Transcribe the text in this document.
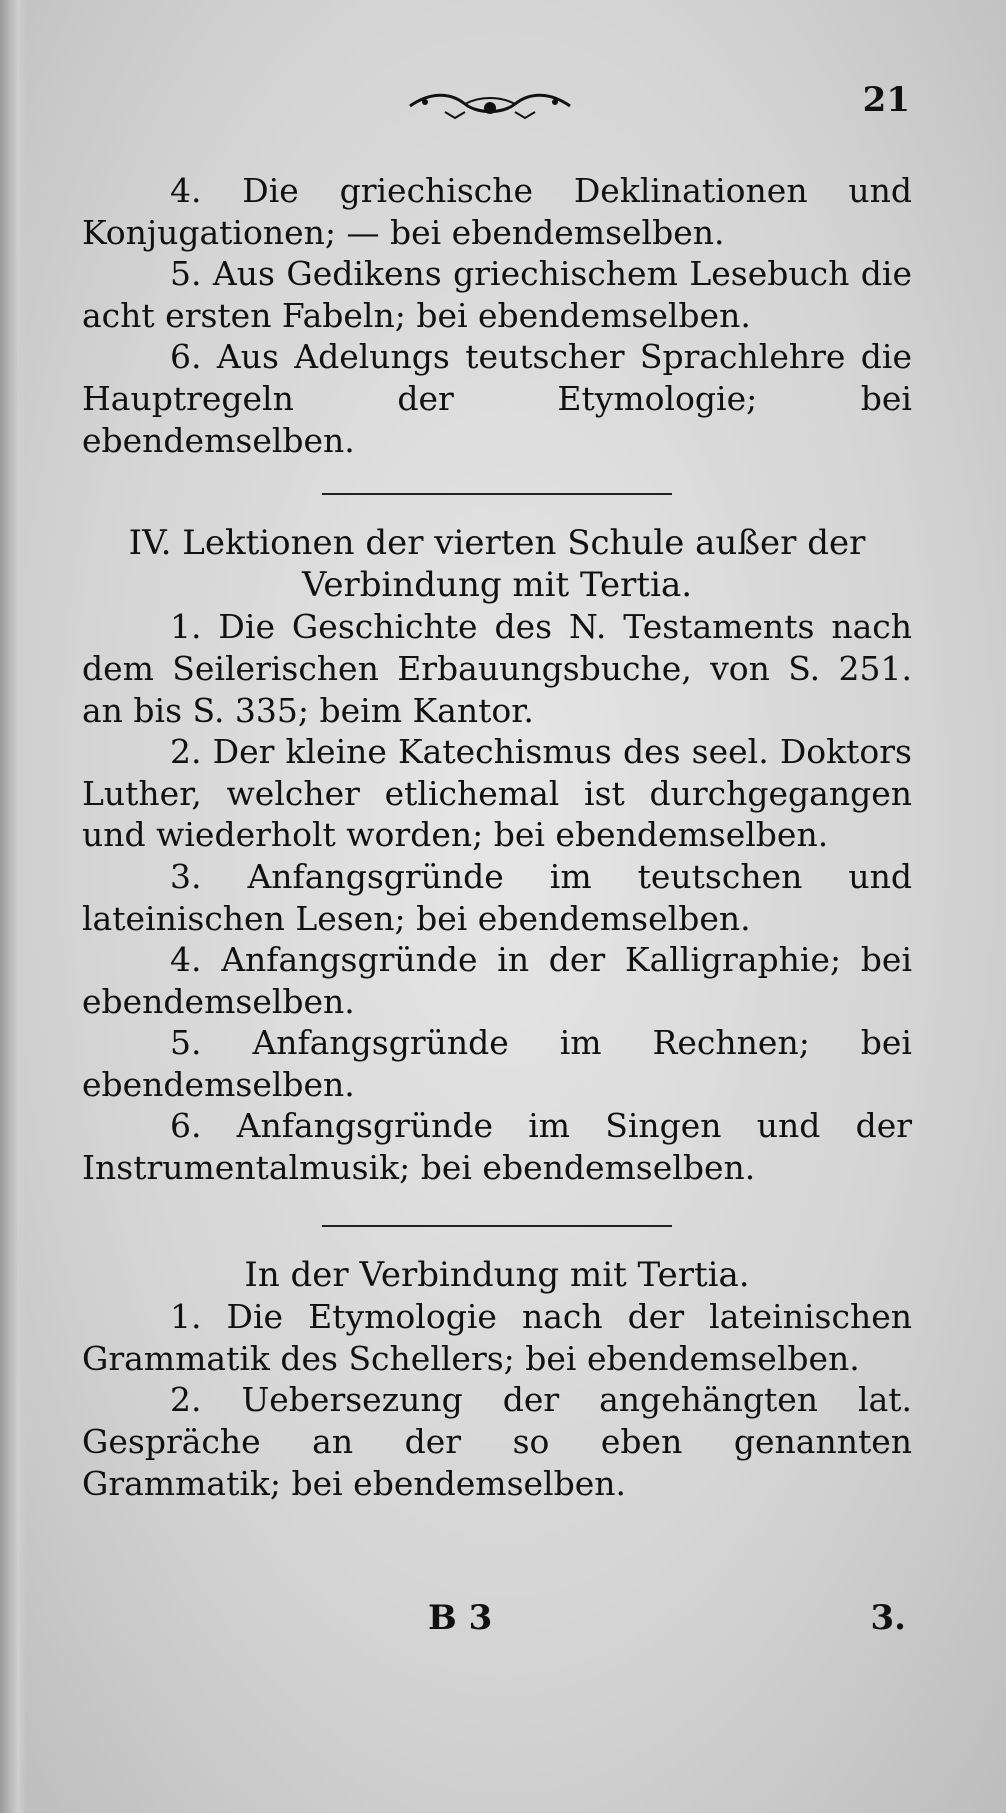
21

4. Die griechische Deklinationen und Konjugationen; — bei ebendemselben.

5. Aus Gedikens griechischem Lesebuch die acht ersten Fabeln; bei ebendemselben.

6. Aus Adelungs teutscher Sprachlehre die Hauptregeln der Etymologie; bei ebendemselben.

IV. Lektionen der vierten Schule außer der

Verbindung mit Tertia.

1. Die Geschichte des N. Testaments nach dem Seilerischen Erbauungsbuche, von S. 251. an bis S. 335; beim Kantor.

2. Der kleine Katechismus des seel. Doktors Luther, welcher etlichemal ist durchgegangen und wiederholt worden; bei ebendemselben.

3. Anfangsgründe im teutschen und lateinischen Lesen; bei ebendemselben.

4. Anfangsgründe in der Kalligraphie; bei ebendemselben.

5. Anfangsgründe im Rechnen; bei ebendemselben.

6. Anfangsgründe im Singen und der Instrumentalmusik; bei ebendemselben.

In der Verbindung mit Tertia.

1. Die Etymologie nach der lateinischen Grammatik des Schellers; bei ebendemselben.

2. Uebersezung der angehängten lat. Gespräche an der so eben genannten Grammatik; bei ebendemselben.

B 3	3.
